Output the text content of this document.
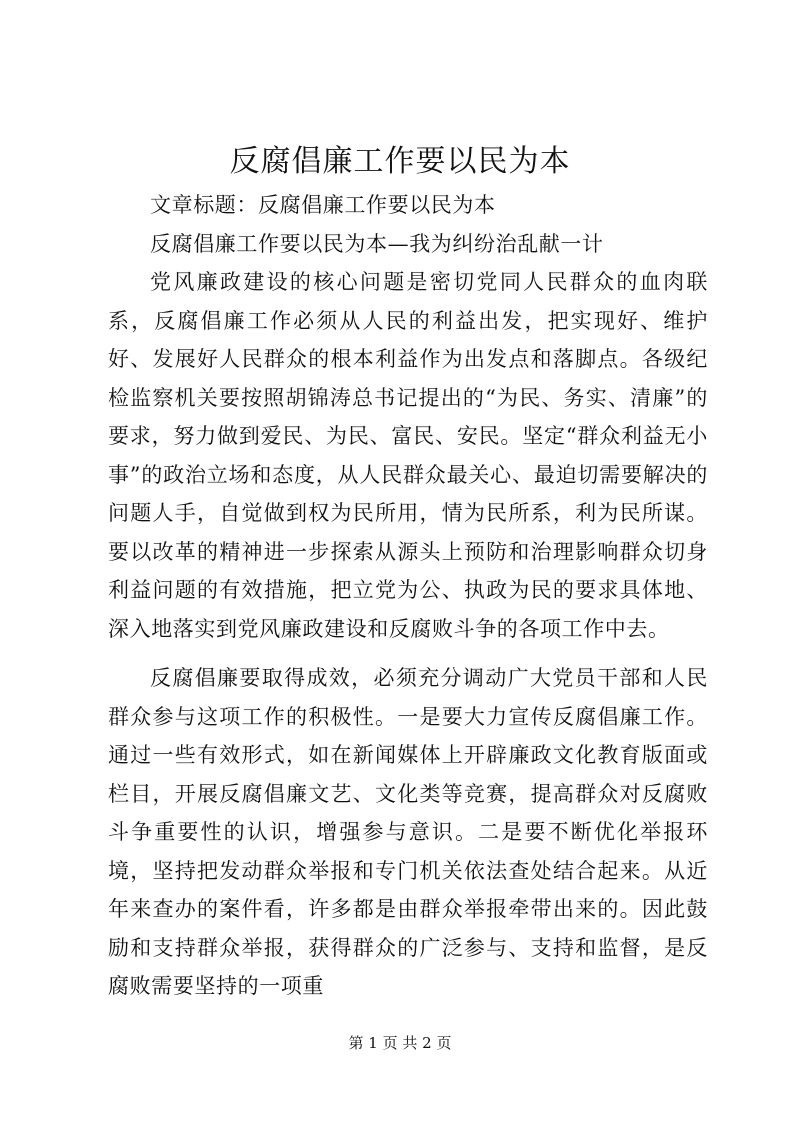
反腐倡廉工作要以民为本

文章标题：反腐倡廉工作要以民为本

反腐倡廉工作要以民为本—我为纠纷治乱献一计

党风廉政建设的核心问题是密切党同人民群众的血肉联系，反腐倡廉工作必须从人民的利益出发，把实现好、维护好、发展好人民群众的根本利益作为出发点和落脚点。各级纪检监察机关要按照胡锦涛总书记提出的“为民、务实、清廉”的要求，努力做到爱民、为民、富民、安民。坚定“群众利益无小事”的政治立场和态度，从人民群众最关心、最迫切需要解决的问题人手，自觉做到权为民所用，情为民所系，利为民所谋。要以改革的精神进一步探索从源头上预防和治理影响群众切身利益问题的有效措施，把立党为公、执政为民的要求具体地、深入地落实到党风廉政建设和反腐败斗争的各项工作中去。

反腐倡廉要取得成效，必须充分调动广大党员干部和人民群众参与这项工作的积极性。一是要大力宣传反腐倡廉工作。通过一些有效形式，如在新闻媒体上开辟廉政文化教育版面或栏目，开展反腐倡廉文艺、文化类等竞赛，提高群众对反腐败斗争重要性的认识，增强参与意识。二是要不断优化举报环境，坚持把发动群众举报和专门机关依法查处结合起来。从近年来查办的案件看，许多都是由群众举报牵带出来的。因此鼓励和支持群众举报，获得群众的广泛参与、支持和监督，是反腐败需要坚持的一项重

第 1 页 共 2 页
